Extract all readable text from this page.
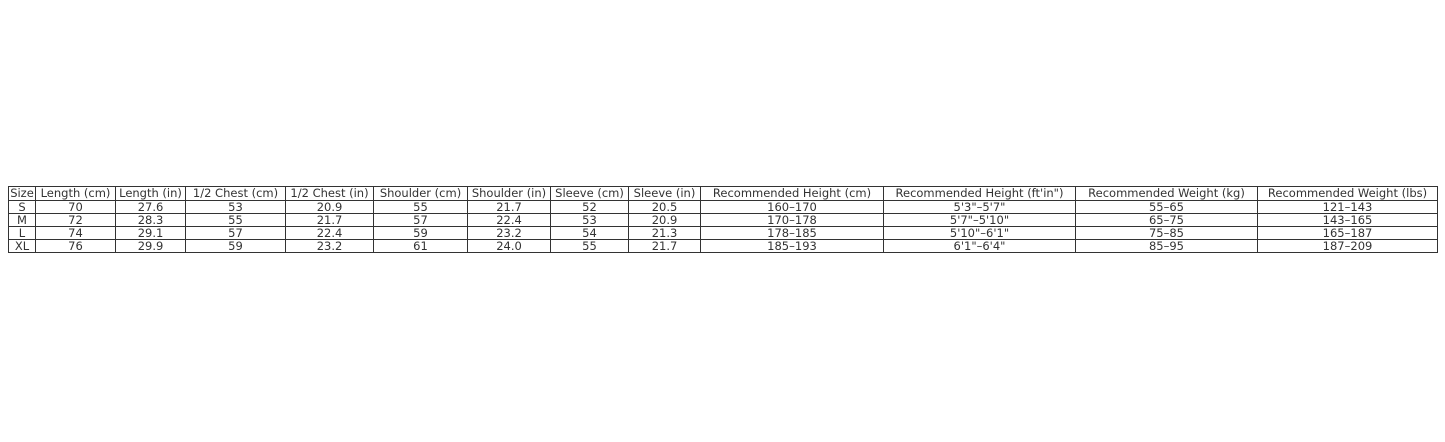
Size	Length (cm)	Length (in)	1/2 Chest (cm)	1/2 Chest (in)	Shoulder (cm)	Shoulder (in)	Sleeve (cm)	Sleeve (in)	Recommended Height (cm)	Recommended Height (ft'in")	Recommended Weight (kg)	Recommended Weight (lbs)
S	70	27.6	53	20.9	55	21.7	52	20.5	160–170	5'3"–5'7"	55–65	121–143
M	72	28.3	55	21.7	57	22.4	53	20.9	170–178	5'7"–5'10"	65–75	143–165
L	74	29.1	57	22.4	59	23.2	54	21.3	178–185	5'10"–6'1"	75–85	165–187
XL	76	29.9	59	23.2	61	24.0	55	21.7	185–193	6'1"–6'4"	85–95	187–209
